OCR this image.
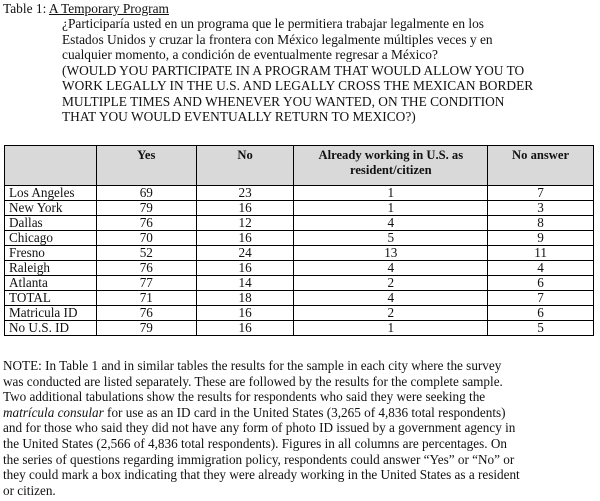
Table 1: A Temporary Program
¿Participaría usted en un programa que le permitiera trabajar legalmente en los
Estados Unidos y cruzar la frontera con México legalmente múltiples veces y en
cualquier momento, a condición de eventualmente regresar a México?
(WOULD YOU PARTICIPATE IN A PROGRAM THAT WOULD ALLOW YOU TO
WORK LEGALLY IN THE U.S. AND LEGALLY CROSS THE MEXICAN BORDER
MULTIPLE TIMES AND WHENEVER YOU WANTED, ON THE CONDITION
THAT YOU WOULD EVENTUALLY RETURN TO MEXICO?)
	Yes	No	Already working in U.S. as resident/citizen	No answer
Los Angeles	69	23	1	7
New York	79	16	1	3
Dallas	76	12	4	8
Chicago	70	16	5	9
Fresno	52	24	13	11
Raleigh	76	16	4	4
Atlanta	77	14	2	6
TOTAL	71	18	4	7
Matricula ID	76	16	2	6
No U.S. ID	79	16	1	5
NOTE: In Table 1 and in similar tables the results for the sample in each city where the survey
was conducted are listed separately. These are followed by the results for the complete sample.
Two additional tabulations show the results for respondents who said they were seeking the
matrícula consular for use as an ID card in the United States (3,265 of 4,836 total respondents)
and for those who said they did not have any form of photo ID issued by a government agency in
the United States (2,566 of 4,836 total respondents). Figures in all columns are percentages. On
the series of questions regarding immigration policy, respondents could answer “Yes” or “No” or
they could mark a box indicating that they were already working in the United States as a resident
or citizen.
